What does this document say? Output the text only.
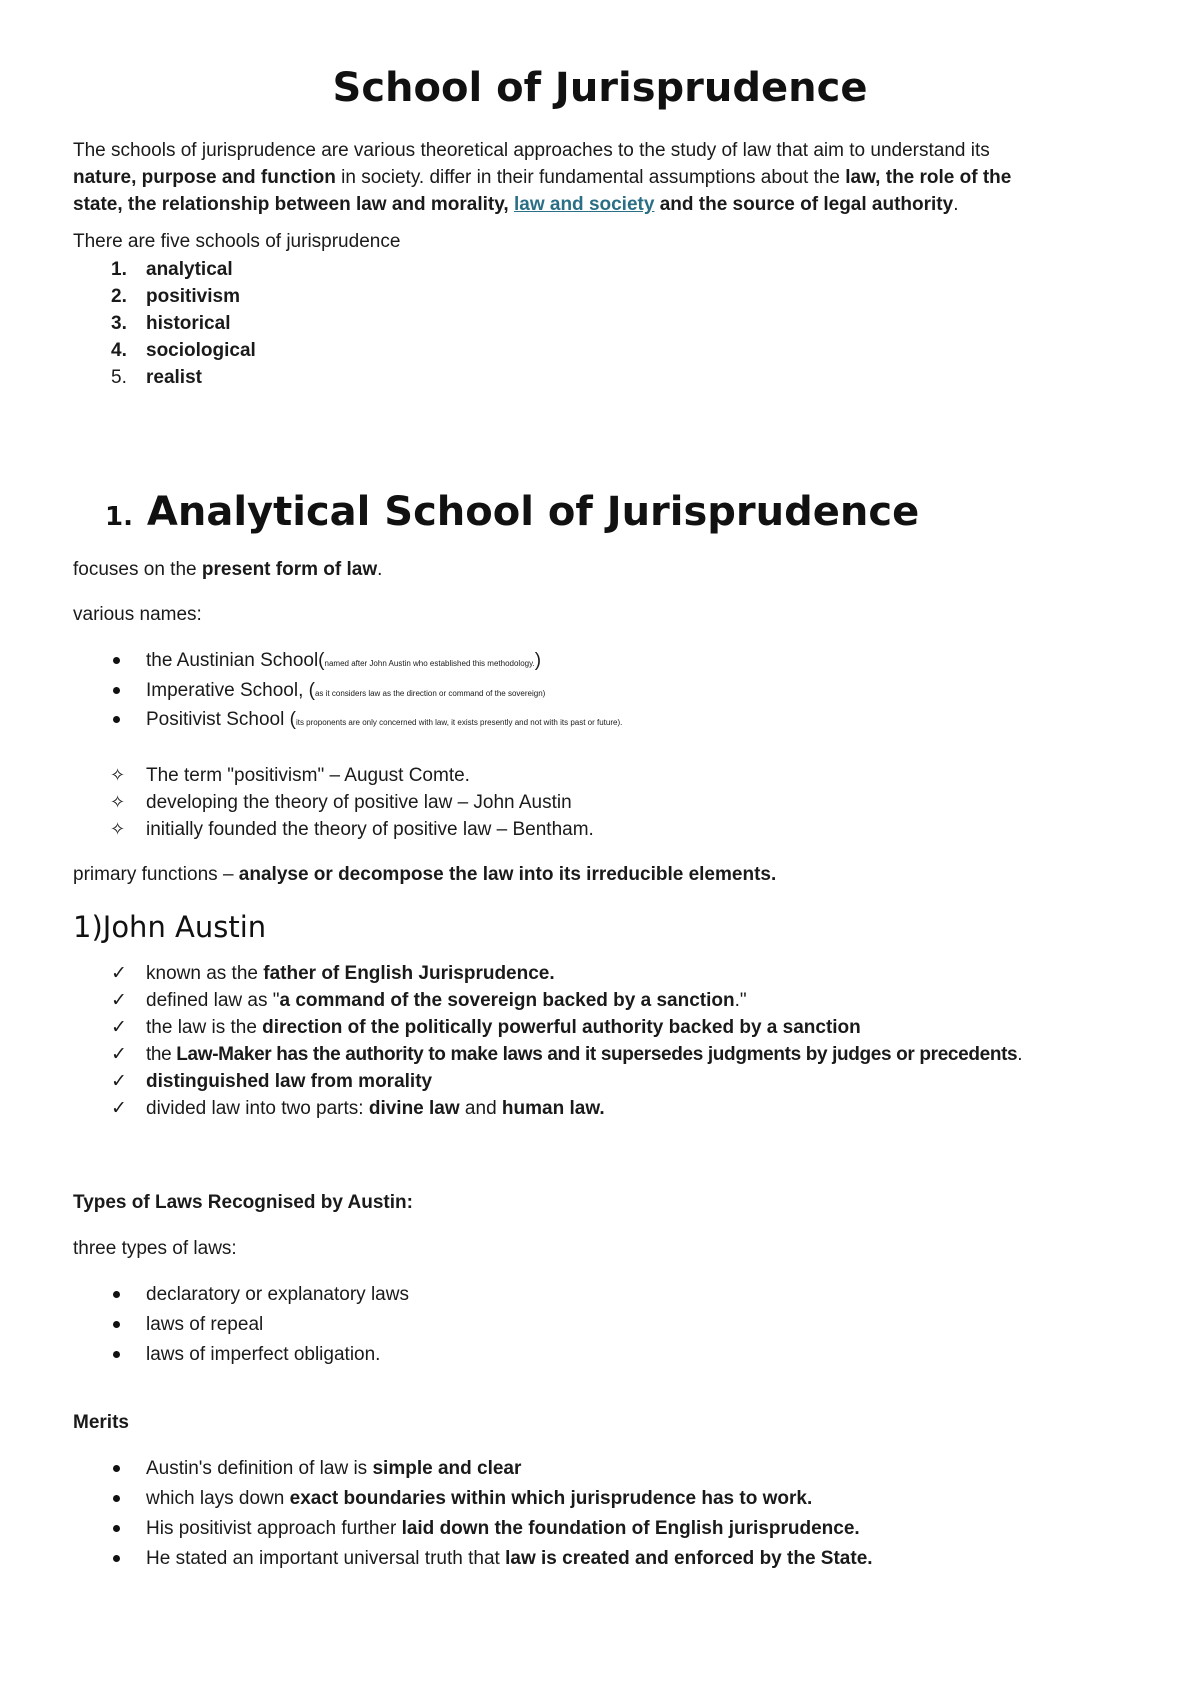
School of Jurisprudence
The schools of jurisprudence are various theoretical approaches to the study of law that aim to understand its
nature, purpose and function in society. differ in their fundamental assumptions about the law, the role of the
state, the relationship between law and morality, law and society and the source of legal authority.
There are five schools of jurisprudence
1.	analytical
2.	positivism
3.	historical
4.	sociological
5.	realist
1. Analytical School of Jurisprudence
focuses on the present form of law.
various names:
the Austinian School(named after John Austin who established this methodology.)
Imperative School, (as it considers law as the direction or command of the sovereign)
Positivist School (its proponents are only concerned with law, it exists presently and not with its past or future).
✧ The term "positivism" – August Comte.
✧ developing the theory of positive law – John Austin
✧ initially founded the theory of positive law – Bentham.
primary functions – analyse or decompose the law into its irreducible elements.
1)John Austin
✓ known as the father of English Jurisprudence.
✓ defined law as "a command of the sovereign backed by a sanction."
✓ the law is the direction of the politically powerful authority backed by a sanction
✓ the Law-Maker has the authority to make laws and it supersedes judgments by judges or precedents.
✓ distinguished law from morality
✓ divided law into two parts: divine law and human law.
Types of Laws Recognised by Austin:
three types of laws:
declaratory or explanatory laws
laws of repeal
laws of imperfect obligation.
Merits
Austin's definition of law is simple and clear
which lays down exact boundaries within which jurisprudence has to work.
His positivist approach further laid down the foundation of English jurisprudence.
He stated an important universal truth that law is created and enforced by the State.
